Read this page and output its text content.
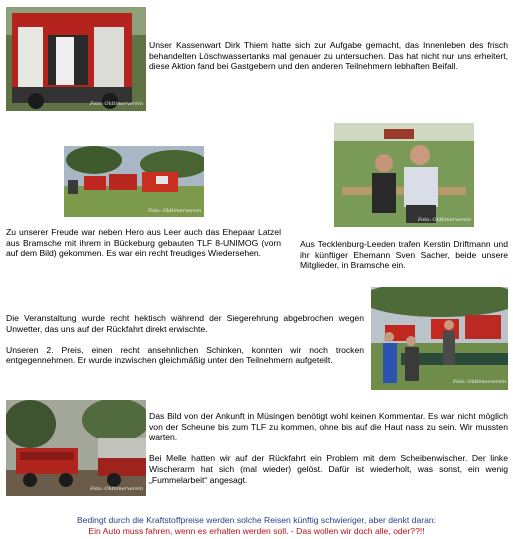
Foto: Oldtimerverein
Foto: Oldtimerverein
Foto: Oldtimerverein
Foto: Oldtimerverein
Foto: Oldtimerverein

Unser Kassenwart Dirk Thiem hatte sich zur Aufgabe gemacht, das Innenleben des frisch behandelten Löschwassertanks mal genauer zu untersuchen. Das hat nicht nur uns erheitert, diese Aktion fand bei Gastgebern und den anderen Teilnehmern lebhaften Beifall.

Zu unserer Freude war neben Hero aus Leer auch das Ehepaar Latzel aus Bramsche mit ihrem in Bückeburg gebauten TLF 8-UNIMOG (vorn auf dem Bild) gekommen. Es war ein recht freudiges Wiedersehen.

Aus Tecklenburg-Leeden trafen Kerstin Driftmann und ihr künftiger Ehemann Sven Sacher, beide unsere Mitglieder, in Bramsche ein.

Die Veranstaltung wurde recht hektisch während der Siegerehrung abgebrochen wegen Unwetter, das uns auf der Rückfahrt direkt erwischte.

Unseren 2. Preis, einen recht ansehnlichen Schinken, konnten wir noch trocken entgegennehmen. Er wurde inzwischen gleichmäßig unter den Teilnehmern aufgeteilt.

Das Bild von der Ankunft in Müsingen benötigt wohl keinen Kommentar. Es war nicht möglich von der Scheune bis zum TLF zu kommen, ohne bis auf die Haut nass zu sein. Wir mussten warten.

Bei Melle hatten wir auf der Rückfahrt ein Problem mit dem Scheibenwischer. Der linke Wischerarm hat sich (mal wieder) gelöst. Dafür ist wiederholt, was sonst, ein wenig „Fummelarbeit“ angesagt.

Bedingt durch die Kraftstoffpreise werden solche Reisen künftig schwieriger, aber denkt daran:
Ein Auto muss fahren, wenn es erhalten werden soll. - Das wollen wir doch alle, oder??!!
